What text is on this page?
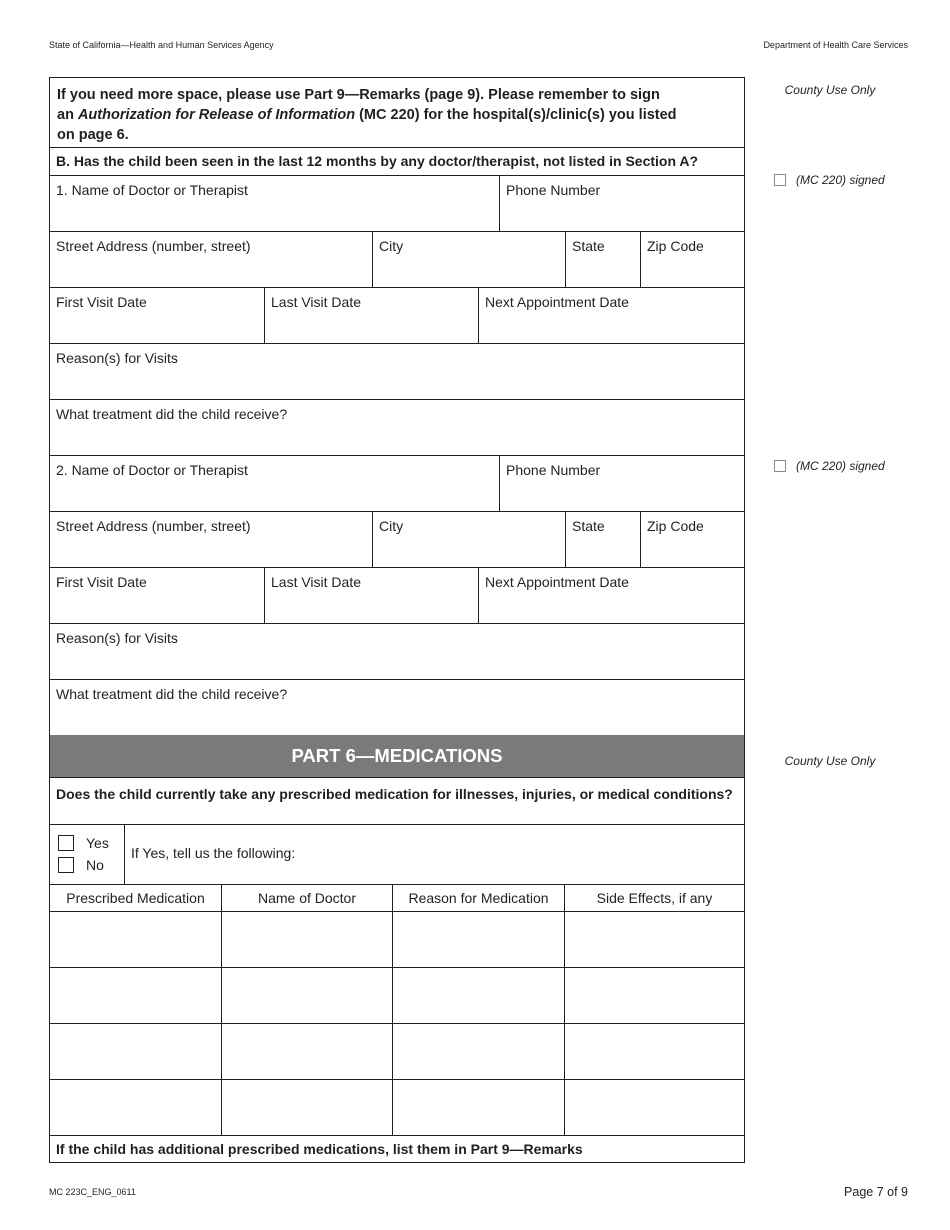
State of California—Health and Human Services Agency	Department of Health Care Services
If you need more space, please use Part 9—Remarks (page 9). Please remember to sign
an Authorization for Release of Information (MC 220) for the hospital(s)/clinic(s) you listed
on page 6.
B. Has the child been seen in the last 12 months by any doctor/therapist, not listed in Section A?
1. Name of Doctor or Therapist	Phone Number
Street Address (number, street)	City	State	Zip Code
First Visit Date	Last Visit Date	Next Appointment Date
Reason(s) for Visits
What treatment did the child receive?
2. Name of Doctor or Therapist	Phone Number
Street Address (number, street)	City	State	Zip Code
First Visit Date	Last Visit Date	Next Appointment Date
Reason(s) for Visits
What treatment did the child receive?
PART 6—MEDICATIONS
Does the child currently take any prescribed medication for illnesses, injuries, or medical conditions?
Yes
No
If Yes, tell us the following:
Prescribed Medication	Name of Doctor	Reason for Medication	Side Effects, if any
If the child has additional prescribed medications, list them in Part 9—Remarks
County Use Only
(MC 220) signed
(MC 220) signed
County Use Only
MC 223C_ENG_0611	Page 7 of 9
